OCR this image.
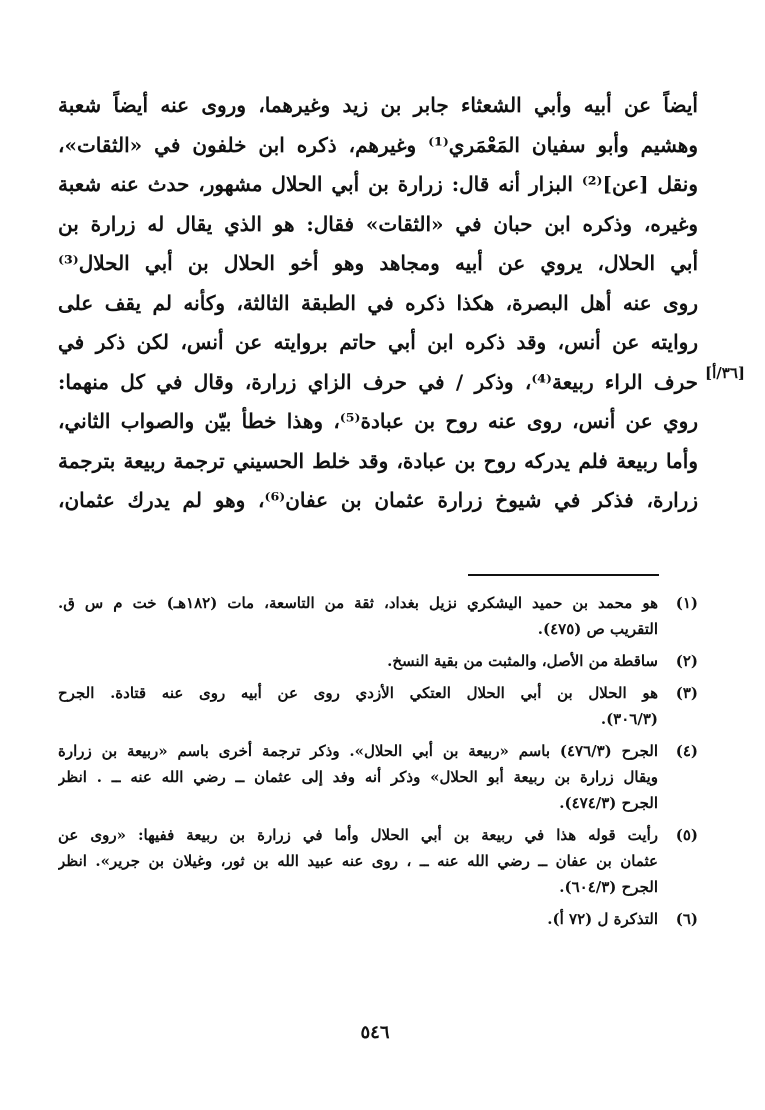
أيضاً عن أبيه وأبي الشعثاء جابر بن زيد وغيرهما، وروى عنه أيضاً شعبة
وهشيم وأبو سفيان المَعْمَري⁽¹⁾ وغيرهم، ذكره ابن خلفون في «الثقات»،
ونقل [عن]⁽²⁾ البزار أنه قال: زرارة بن أبي الحلال مشهور، حدث عنه شعبة
وغيره، وذكره ابن حبان في «الثقات» فقال: هو الذي يقال له زرارة بن
أبي الحلال، يروي عن أبيه ومجاهد وهو أخو الحلال بن أبي الحلال⁽³⁾
روى عنه أهل البصرة، هكذا ذكره في الطبقة الثالثة، وكأنه لم يقف على
روايته عن أنس، وقد ذكره ابن أبي حاتم بروايته عن أنس، لكن ذكر في
حرف الراء ربيعة⁽⁴⁾، وذكر / في حرف الزاي زرارة، وقال في كل منهما:
روي عن أنس، روى عنه روح بن عبادة⁽⁵⁾، وهذا خطأ بيّن والصواب الثاني،
وأما ربيعة فلم يدركه روح بن عبادة، وقد خلط الحسيني ترجمة ربيعة بترجمة
زرارة، فذكر في شيوخ زرارة عثمان بن عفان⁽⁶⁾، وهو لم يدرك عثمان،
[٣٦/أ]
(١)
هو محمد بن حميد اليشكري نزيل بغداد، ثقة من التاسعة، مات (١٨٢هـ) خت م س ق.
التقريب ص (٤٧٥).
(٢)
ساقطة من الأصل، والمثبت من بقية النسخ.
(٣)
هو الحلال بن أبي الحلال العتكي الأزدي روى عن أبيه روى عنه قتادة. الجرح
(٣٠٦/٣).
(٤)
الجرح (٤٧٦/٣) باسم «ربيعة بن أبي الحلال». وذكر ترجمة أخرى باسم «ربيعة بن زرارة
ويقال زرارة بن ربيعة أبو الحلال» وذكر أنه وفد إلى عثمان ــ رضي الله عنه ــ . انظر
الجرح (٤٧٤/٣).
(٥)
رأيت قوله هذا في ربيعة بن أبي الحلال وأما في زرارة بن ربيعة ففيها: «روى عن
عثمان بن عفان ــ رضي الله عنه ــ ، روى عنه عبيد الله بن ثور، وغيلان بن جرير». انظر
الجرح (٦٠٤/٣).
(٦)
التذكرة ل (٧٢ أ).
٥٤٦
